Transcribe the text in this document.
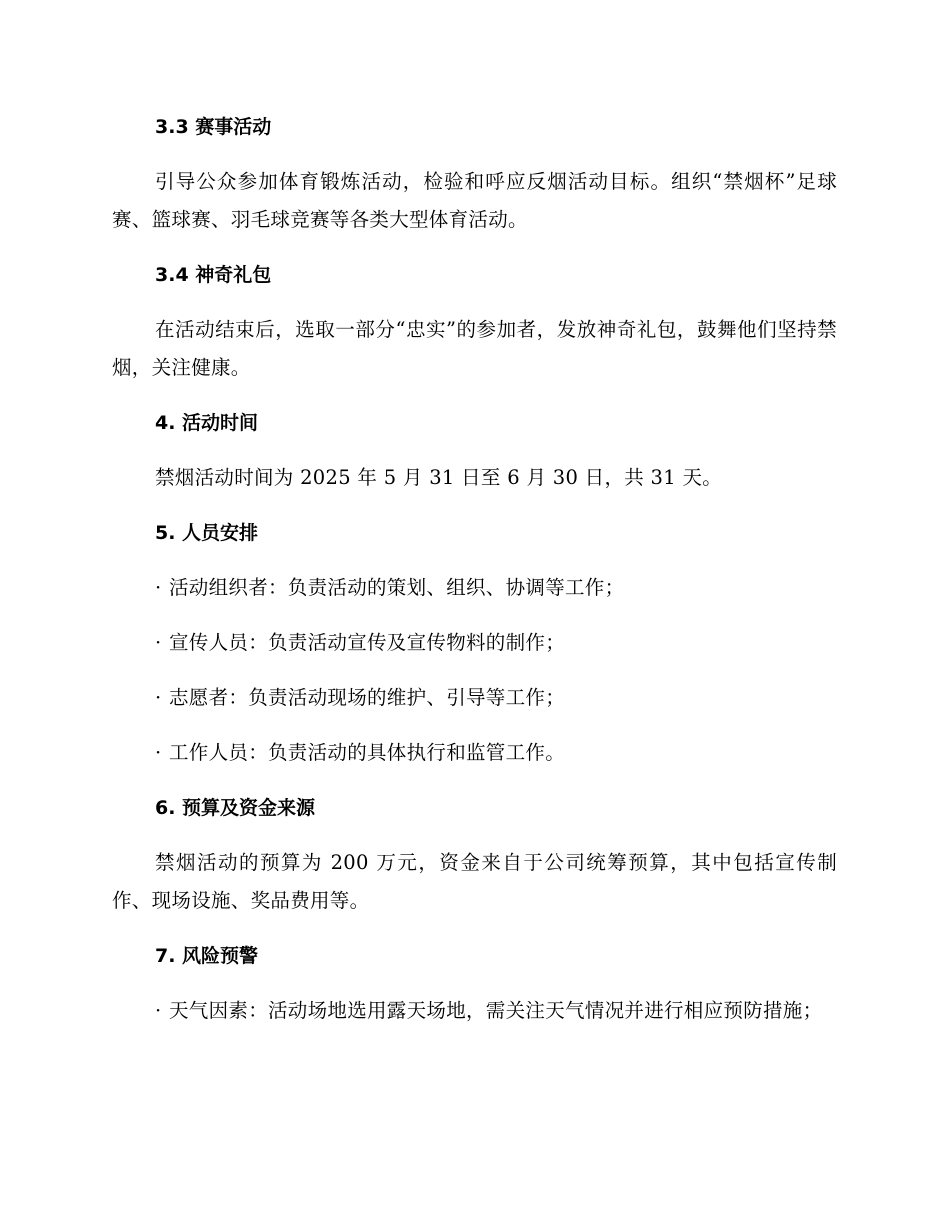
3.3 赛事活动
引导公众参加体育锻炼活动，检验和呼应反烟活动目标。组织“禁烟杯”足球赛、篮球赛、羽毛球竞赛等各类大型体育活动。
3.4 神奇礼包
在活动结束后，选取一部分“忠实”的参加者，发放神奇礼包，鼓舞他们坚持禁烟，关注健康。
4. 活动时间
禁烟活动时间为 2025 年 5 月 31 日至 6 月 30 日，共 31 天。
5. 人员安排
· 活动组织者：负责活动的策划、组织、协调等工作；
· 宣传人员：负责活动宣传及宣传物料的制作；
· 志愿者：负责活动现场的维护、引导等工作；
· 工作人员：负责活动的具体执行和监管工作。
6. 预算及资金来源
禁烟活动的预算为 200 万元，资金来自于公司统筹预算，其中包括宣传制作、现场设施、奖品费用等。
7. 风险预警
· 天气因素：活动场地选用露天场地，需关注天气情况并进行相应预防措施；
